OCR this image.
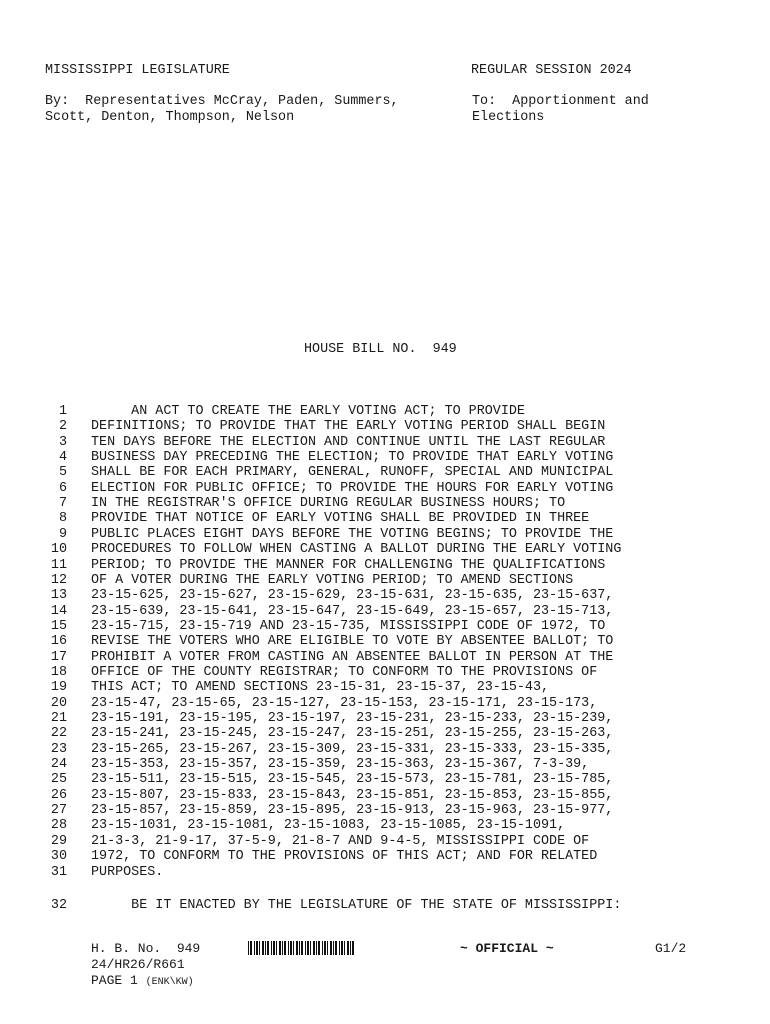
MISSISSIPPI LEGISLATURE	REGULAR SESSION 2024
By:  Representatives McCray, Paden, Summers,
Scott, Denton, Thompson, Nelson
To:  Apportionment and
Elections
HOUSE BILL NO.  949
1 AN ACT TO CREATE THE EARLY VOTING ACT; TO PROVIDE
2 DEFINITIONS; TO PROVIDE THAT THE EARLY VOTING PERIOD SHALL BEGIN
3 TEN DAYS BEFORE THE ELECTION AND CONTINUE UNTIL THE LAST REGULAR
4 BUSINESS DAY PRECEDING THE ELECTION; TO PROVIDE THAT EARLY VOTING
5 SHALL BE FOR EACH PRIMARY, GENERAL, RUNOFF, SPECIAL AND MUNICIPAL
6 ELECTION FOR PUBLIC OFFICE; TO PROVIDE THE HOURS FOR EARLY VOTING
7 IN THE REGISTRAR'S OFFICE DURING REGULAR BUSINESS HOURS; TO
8 PROVIDE THAT NOTICE OF EARLY VOTING SHALL BE PROVIDED IN THREE
9 PUBLIC PLACES EIGHT DAYS BEFORE THE VOTING BEGINS; TO PROVIDE THE
10 PROCEDURES TO FOLLOW WHEN CASTING A BALLOT DURING THE EARLY VOTING
11 PERIOD; TO PROVIDE THE MANNER FOR CHALLENGING THE QUALIFICATIONS
12 OF A VOTER DURING THE EARLY VOTING PERIOD; TO AMEND SECTIONS
13 23-15-625, 23-15-627, 23-15-629, 23-15-631, 23-15-635, 23-15-637,
14 23-15-639, 23-15-641, 23-15-647, 23-15-649, 23-15-657, 23-15-713,
15 23-15-715, 23-15-719 AND 23-15-735, MISSISSIPPI CODE OF 1972, TO
16 REVISE THE VOTERS WHO ARE ELIGIBLE TO VOTE BY ABSENTEE BALLOT; TO
17 PROHIBIT A VOTER FROM CASTING AN ABSENTEE BALLOT IN PERSON AT THE
18 OFFICE OF THE COUNTY REGISTRAR; TO CONFORM TO THE PROVISIONS OF
19 THIS ACT; TO AMEND SECTIONS 23-15-31, 23-15-37, 23-15-43,
20 23-15-47, 23-15-65, 23-15-127, 23-15-153, 23-15-171, 23-15-173,
21 23-15-191, 23-15-195, 23-15-197, 23-15-231, 23-15-233, 23-15-239,
22 23-15-241, 23-15-245, 23-15-247, 23-15-251, 23-15-255, 23-15-263,
23 23-15-265, 23-15-267, 23-15-309, 23-15-331, 23-15-333, 23-15-335,
24 23-15-353, 23-15-357, 23-15-359, 23-15-363, 23-15-367, 7-3-39,
25 23-15-511, 23-15-515, 23-15-545, 23-15-573, 23-15-781, 23-15-785,
26 23-15-807, 23-15-833, 23-15-843, 23-15-851, 23-15-853, 23-15-855,
27 23-15-857, 23-15-859, 23-15-895, 23-15-913, 23-15-963, 23-15-977,
28 23-15-1031, 23-15-1081, 23-15-1083, 23-15-1085, 23-15-1091,
29 21-3-3, 21-9-17, 37-5-9, 21-8-7 AND 9-4-5, MISSISSIPPI CODE OF
30 1972, TO CONFORM TO THE PROVISIONS OF THIS ACT; AND FOR RELATED
31 PURPOSES.
32 BE IT ENACTED BY THE LEGISLATURE OF THE STATE OF MISSISSIPPI:
H. B. No.  949	~ OFFICIAL ~	G1/2
24/HR26/R661
PAGE 1 (ENK\KW)
